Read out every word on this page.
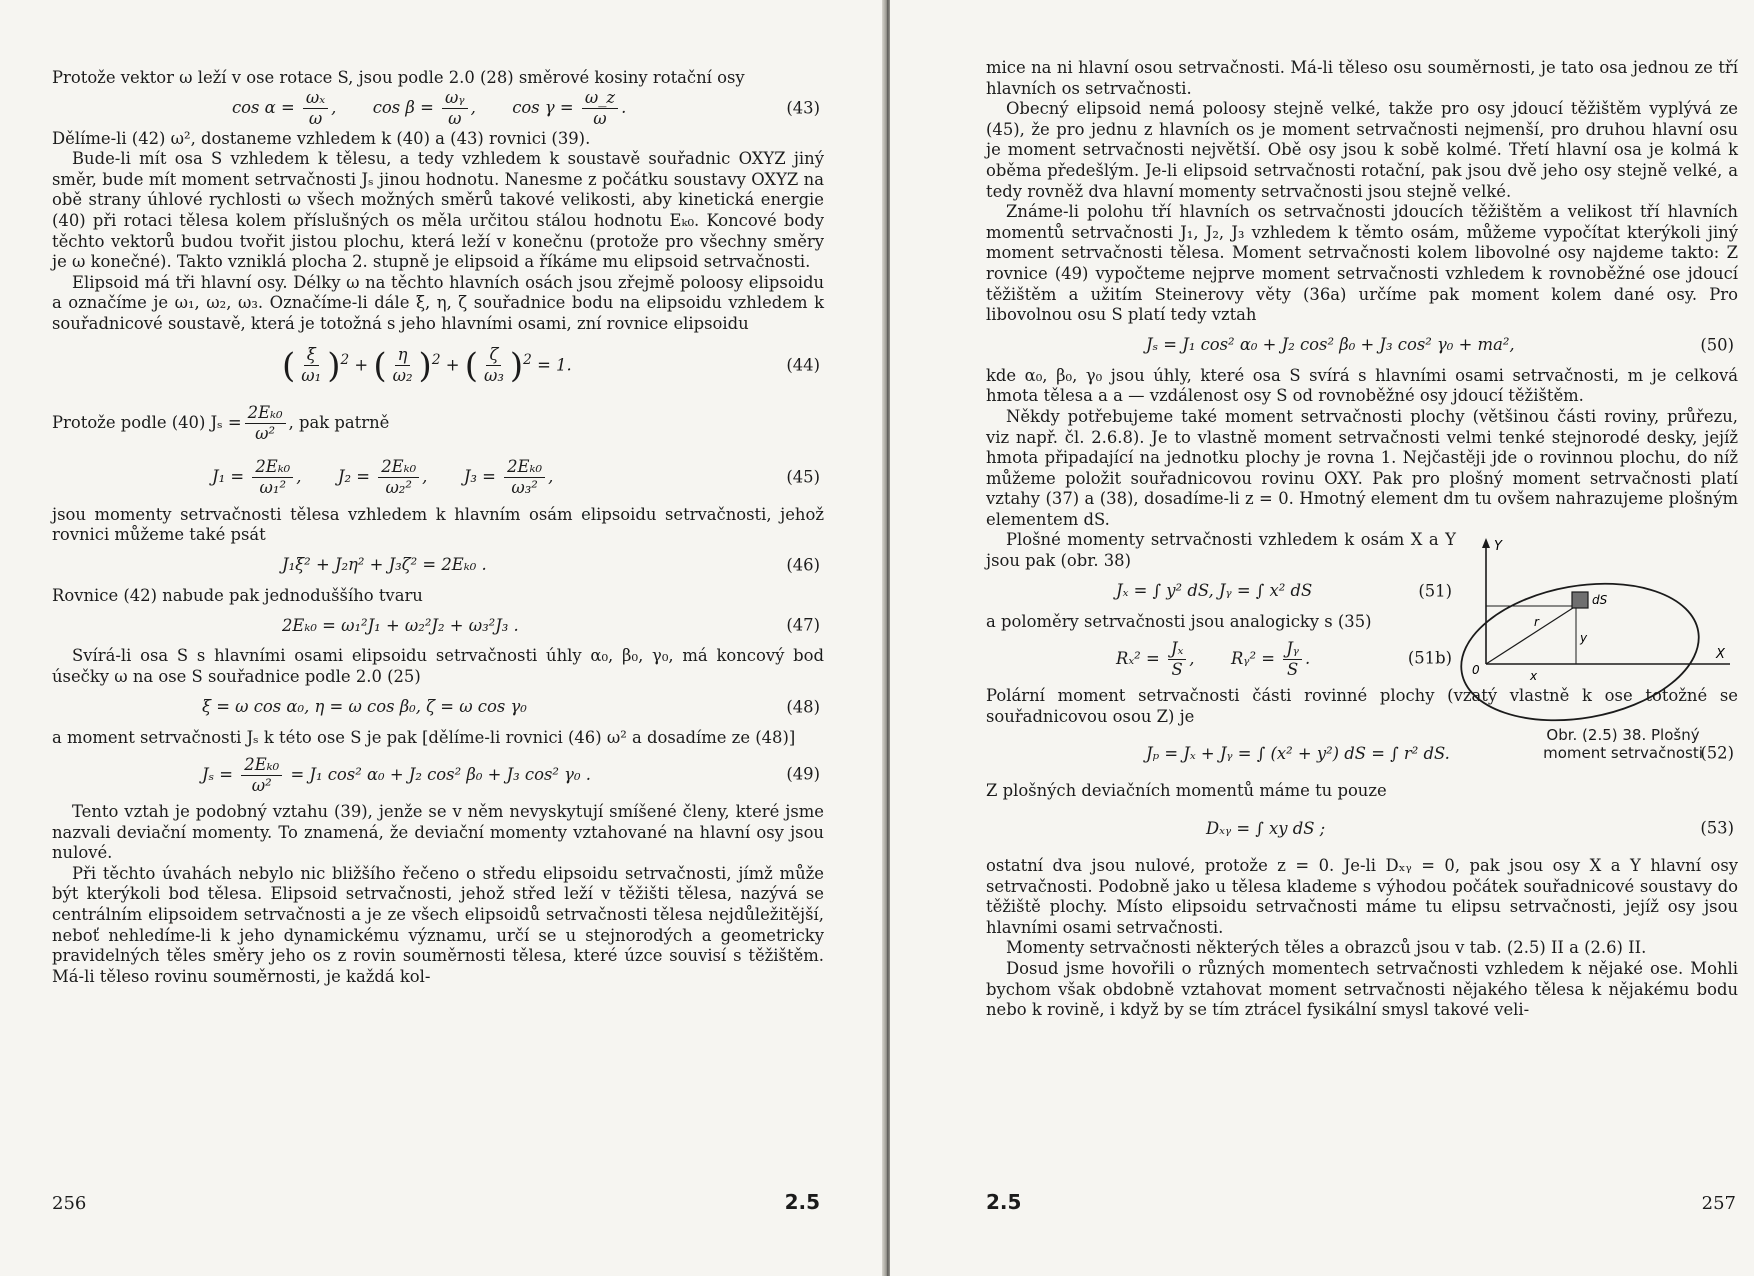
Protože vektor ω leží v ose rotace S, jsou podle 2.0 (28) směrové kosiny rotační osy

$\cos \alpha = \frac{\text{ωₓ}}{\omega}$ ,  $\cos \beta = \frac{\text{ωᵧ}}{\omega}$ ,  $\cos \gamma = \frac{\omega\_z}{\omega}$ .	(43)

Dělíme-li (42) ω², dostaneme vzhledem k (40) a (43) rovnici (39).

Bude-li mít osa S vzhledem k tělesu, a tedy vzhledem k soustavě souřadnic OXYZ jiný směr, bude mít moment setrvačnosti Jₛ jinou hodnotu. Nanesme z počátku soustavy OXYZ na obě strany úhlové rychlosti ω všech možných směrů takové velikosti, aby kinetická energie (40) při rotaci tělesa kolem příslušných os měla určitou stálou hodnotu Eₖ₀. Koncové body těchto vektorů budou tvořit jistou plochu, která leží v konečnu (protože pro všechny směry je ω konečné). Takto vzniklá plocha 2. stupně je elipsoid a říkáme mu elipsoid setrvačnosti.

Elipsoid má tři hlavní osy. Délky ω na těchto hlavních osách jsou zřejmě poloosy elipsoidu a označíme je ω₁, ω₂, ω₃. Označíme-li dále ξ, η, ζ souřadnice bodu na elipsoidu vzhledem k souřadnicové soustavě, která je totožná s jeho hlavními osami, zní rovnice elipsoidu

( $\frac{\xi}{\text{ω₁}} )^2$ + ( $\frac{\eta}{\text{ω₂}} )^2$ + ( $\frac{\zeta}{\text{ω₃}} )^2 = 1$.	(44)
Protože podle (40) $J_s = \frac{\text{2Eₖ₀}}{\text{ω²}}$ , pak patrně
$J_1 = \frac{\text{2Eₖ₀}}{\text{ω₁²}}$ ,  $J_2 = \frac{\text{2Eₖ₀}}{\text{ω₂²}}$ ,  $J_3 = \frac{\text{2Eₖ₀}}{\text{ω₃²}}$ ,	(45)

jsou momenty setrvačnosti tělesa vzhledem k hlavním osám elipsoidu setrvačnosti, jehož rovnici můžeme také psát

J₁ξ² + J₂η² + J₃ζ² = 2Eₖ₀ .	(46)

Rovnice (42) nabude pak jednoduššího tvaru

2Eₖ₀ = ω₁²J₁ + ω₂²J₂ + ω₃²J₃ .	(47)

Svírá-li osa S s hlavními osami elipsoidu setrvačnosti úhly α₀, β₀, γ₀, má koncový bod úsečky ω na ose S souřadnice podle 2.0 (25)

ξ = ω cos α₀, η = ω cos β₀, ζ = ω cos γ₀	(48)

a moment setrvačnosti Jₛ k této ose S je pak [dělíme-li rovnici (46) ω² a dosadíme ze (48)]

$J_s = \frac{\text{2Eₖ₀}}{\text{ω²}} = J_1$ cos² α₀ + J₂ cos² β₀ + J₃ cos² γ₀ .	(49)

Tento vztah je podobný vztahu (39), jenže se v něm nevyskytují smíšené členy, které jsme nazvali deviační momenty. To znamená, že deviační momenty vztahované na hlavní osy jsou nulové.

Při těchto úvahách nebylo nic bližšího řečeno o středu elipsoidu setrvačnosti, jímž může být kterýkoli bod tělesa. Elipsoid setrvačnosti, jehož střed leží v těžišti tělesa, nazývá se centrálním elipsoidem setrvačnosti a je ze všech elipsoidů setrvačnosti tělesa nejdůležitější, neboť nehledíme-li k jeho dynamickému významu, určí se u stejnorodých a geometricky pravidelných těles směry jeho os z rovin souměrnosti tělesa, které úzce souvisí s těžištěm. Má-li těleso rovinu souměrnosti, je každá kol-

256	2.5

mice na ni hlavní osou setrvačnosti. Má-li těleso osu souměrnosti, je tato osa jednou ze tří hlavních os setrvačnosti.

Obecný elipsoid nemá poloosy stejně velké, takže pro osy jdoucí těžištěm vyplývá ze (45), že pro jednu z hlavních os je moment setrvačnosti nejmenší, pro druhou hlavní osu je moment setrvačnosti největší. Obě osy jsou k sobě kolmé. Třetí hlavní osa je kolmá k oběma předešlým. Je-li elipsoid setrvačnosti rotační, pak jsou dvě jeho osy stejně velké, a tedy rovněž dva hlavní momenty setrvačnosti jsou stejně velké.

Známe-li polohu tří hlavních os setrvačnosti jdoucích těžištěm a velikost tří hlavních momentů setrvačnosti J₁, J₂, J₃ vzhledem k těmto osám, můžeme vypočítat kterýkoli jiný moment setrvačnosti tělesa. Moment setrvačnosti kolem libovolné osy najdeme takto: Z rovnice (49) vypočteme nejprve moment setrvačnosti vzhledem k rovnoběžné ose jdoucí těžištěm a užitím Steinerovy věty (36a) určíme pak moment kolem dané osy. Pro libovolnou osu S platí tedy vztah

Jₛ = J₁ cos² α₀ + J₂ cos² β₀ + J₃ cos² γ₀ + ma²,	(50)

kde α₀, β₀, γ₀ jsou úhly, které osa S svírá s hlavními osami setrvačnosti, m je celková hmota tělesa a a — vzdálenost osy S od rovnoběžné osy jdoucí těžištěm.

Někdy potřebujeme také moment setrvačnosti plochy (většinou části roviny, průřezu, viz např. čl. 2.6.8). Je to vlastně moment setrvačnosti velmi tenké stejnorodé desky, jejíž hmota připadající na jednotku plochy je rovna 1. Nejčastěji jde o rovinnou plochu, do níž můžeme položit souřadnicovou rovinu OXY. Pak pro plošný moment setrvačnosti platí vztahy (37) a (38), dosadíme-li z = 0. Hmotný element dm tu ovšem nahrazujeme plošným elementem dS.

Plošné momenty setrvačnosti vzhledem k osám X a Y jsou pak (obr. 38)

Jₓ = ∫ y² dS, Jᵧ = ∫ x² dS	(51)

a poloměry setrvačnosti jsou analogicky s (35)

$R_x^2 = \frac{\text{Jₓ}}{S}$ ,  Rᵧ² = $\frac{\text{Jᵧ}}{S}$ .	(51b)
Y
X
0
r
x
y
dS
Obr. (2.5) 38. Plošný moment setrvačnosti

Polární moment setrvačnosti části rovinné plochy (vzatý vlastně k ose totožné se souřadnicovou osou Z) je

Jₚ = Jₓ + Jᵧ = ∫ (x² + y²) dS = ∫ r² dS.	(52)

Z plošných deviačních momentů máme tu pouze

Dₓᵧ = ∫ xy dS ;	(53)

ostatní dva jsou nulové, protože z = 0. Je-li Dₓᵧ = 0, pak jsou osy X a Y hlavní osy setrvačnosti. Podobně jako u tělesa klademe s výhodou počátek souřadnicové soustavy do těžiště plochy. Místo elipsoidu setrvačnosti máme tu elipsu setrvačnosti, jejíž osy jsou hlavními osami setrvačnosti.

Momenty setrvačnosti některých těles a obrazců jsou v tab. (2.5) II a (2.6) II.

Dosud jsme hovořili o různých momentech setrvačnosti vzhledem k nějaké ose. Mohli bychom však obdobně vztahovat moment setrvačnosti nějakého tělesa k nějakému bodu nebo k rovině, i když by se tím ztrácel fysikální smysl takové veli-

2.5	257
